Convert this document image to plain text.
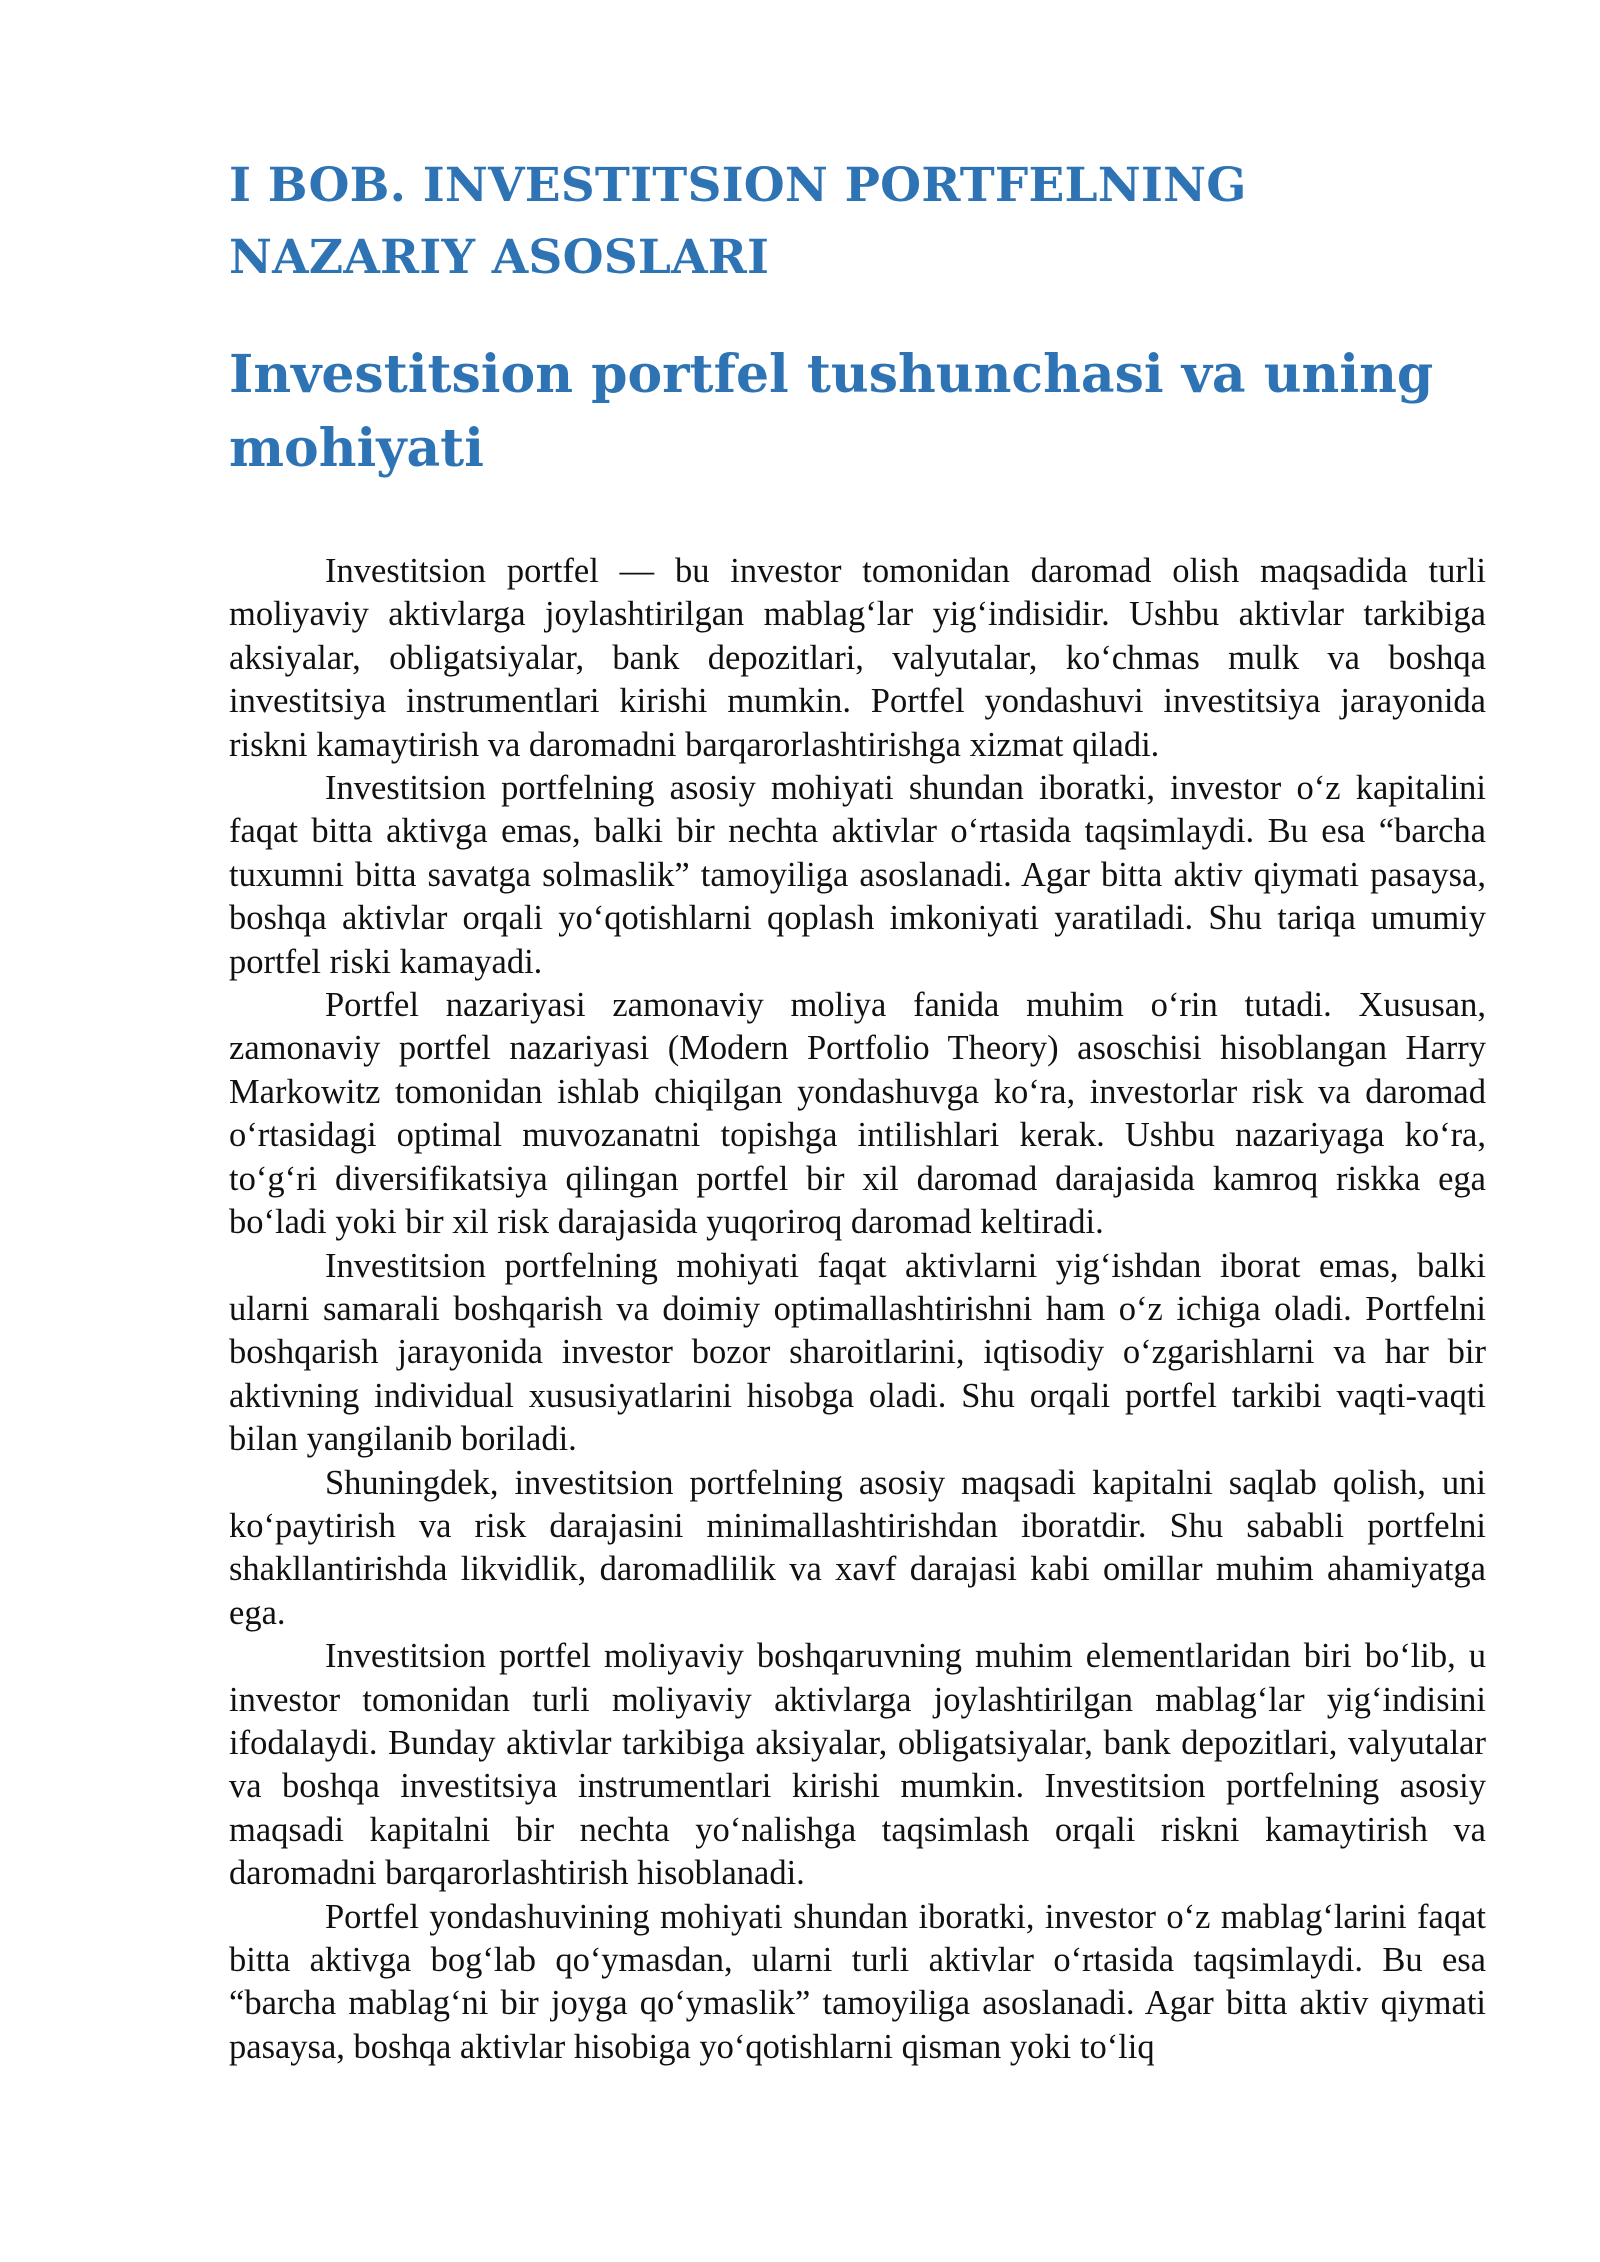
I BOB. INVESTITSION PORTFELNING
NAZARIY ASOSLARI
Investitsion portfel tushunchasi va uning
mohiyati

Investitsion portfel — bu investor tomonidan daromad olish maqsadida turli moliyaviy aktivlarga joylashtirilgan mablag‘lar yig‘indisidir. Ushbu aktivlar tarkibiga aksiyalar, obligatsiyalar, bank depozitlari, valyutalar, ko‘chmas mulk va boshqa investitsiya instrumentlari kirishi mumkin. Portfel yondashuvi investitsiya jarayonida riskni kamaytirish va daromadni barqarorlashtirishga xizmat qiladi.

Investitsion portfelning asosiy mohiyati shundan iboratki, investor o‘z kapitalini faqat bitta aktivga emas, balki bir nechta aktivlar o‘rtasida taqsimlaydi. Bu esa “barcha tuxumni bitta savatga solmaslik” tamoyiliga asoslanadi. Agar bitta aktiv qiymati pasaysa, boshqa aktivlar orqali yo‘qotishlarni qoplash imkoniyati yaratiladi. Shu tariqa umumiy portfel riski kamayadi.

Portfel nazariyasi zamonaviy moliya fanida muhim o‘rin tutadi. Xususan, zamonaviy portfel nazariyasi (Modern Portfolio Theory) asoschisi hisoblangan Harry Markowitz tomonidan ishlab chiqilgan yondashuvga ko‘ra, investorlar risk va daromad o‘rtasidagi optimal muvozanatni topishga intilishlari kerak. Ushbu nazariyaga ko‘ra, to‘g‘ri diversifikatsiya qilingan portfel bir xil daromad darajasida kamroq riskka ega bo‘ladi yoki bir xil risk darajasida yuqoriroq daromad keltiradi.

Investitsion portfelning mohiyati faqat aktivlarni yig‘ishdan iborat emas, balki ularni samarali boshqarish va doimiy optimallashtirishni ham o‘z ichiga oladi. Portfelni boshqarish jarayonida investor bozor sharoitlarini, iqtisodiy o‘zgarishlarni va har bir aktivning individual xususiyatlarini hisobga oladi. Shu orqali portfel tarkibi vaqti-vaqti bilan yangilanib boriladi.

Shuningdek, investitsion portfelning asosiy maqsadi kapitalni saqlab qolish, uni ko‘paytirish va risk darajasini minimallashtirishdan iboratdir. Shu sababli portfelni shakllantirishda likvidlik, daromadlilik va xavf darajasi kabi omillar muhim ahamiyatga ega.

Investitsion portfel moliyaviy boshqaruvning muhim elementlaridan biri bo‘lib, u investor tomonidan turli moliyaviy aktivlarga joylashtirilgan mablag‘lar yig‘indisini ifodalaydi. Bunday aktivlar tarkibiga aksiyalar, obligatsiyalar, bank depozitlari, valyutalar va boshqa investitsiya instrumentlari kirishi mumkin. Investitsion portfelning asosiy maqsadi kapitalni bir nechta yo‘nalishga taqsimlash orqali riskni kamaytirish va daromadni barqarorlashtirish hisoblanadi.

Portfel yondashuvining mohiyati shundan iboratki, investor o‘z mablag‘larini faqat bitta aktivga bog‘lab qo‘ymasdan, ularni turli aktivlar o‘rtasida taqsimlaydi. Bu esa “barcha mablag‘ni bir joyga qo‘ymaslik” tamoyiliga asoslanadi. Agar bitta aktiv qiymati pasaysa, boshqa aktivlar hisobiga yo‘qotishlarni qisman yoki to‘liq
